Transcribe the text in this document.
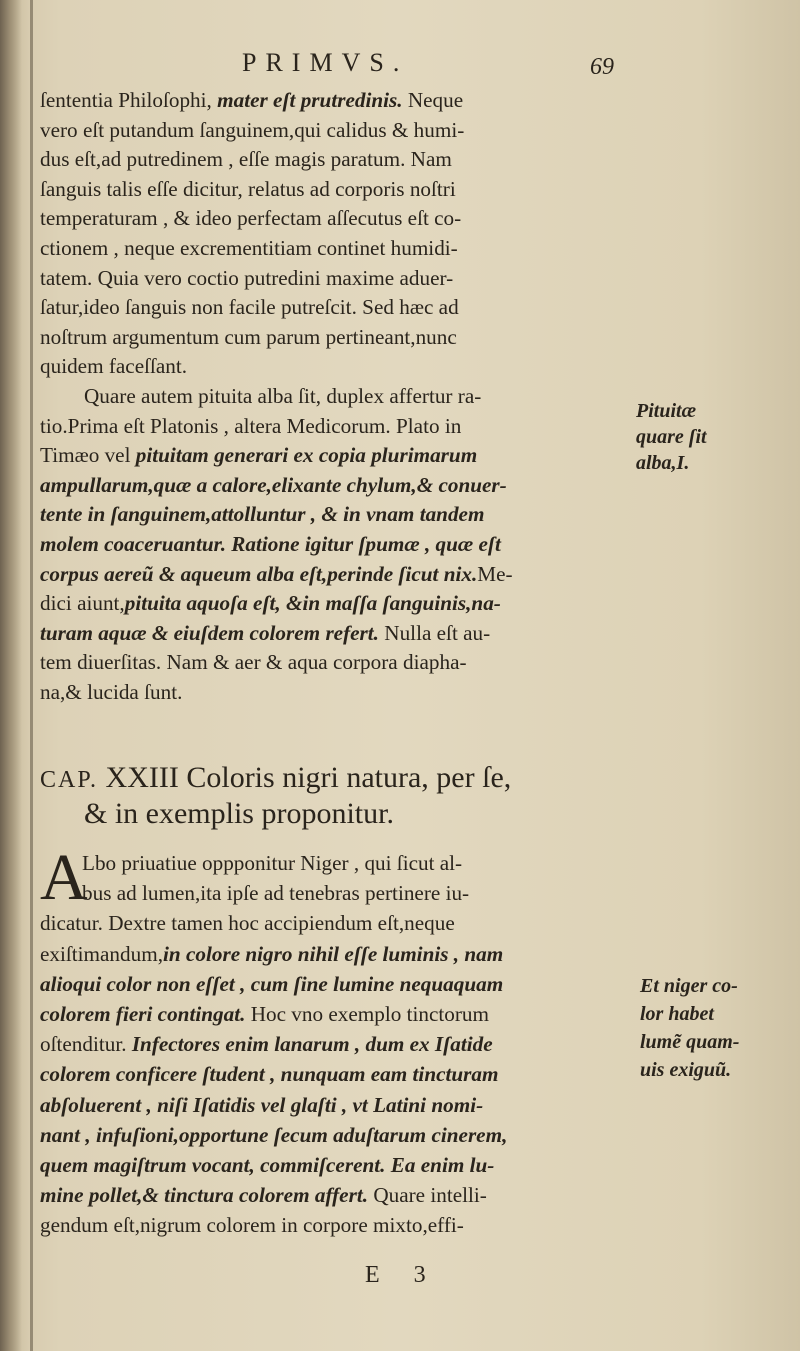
PRIMVS.	69
ſententia Philoſophi, mater eſt prutredinis. Neque
vero eſt putandum ſanguinem,qui calidus & humi-
dus eſt,ad putredinem , eſſe magis paratum. Nam
ſanguis talis eſſe dicitur, relatus ad corporis noſtri
temperaturam , & ideo perfectam aſſecutus eſt co-
ctionem , neque excrementitiam continet humidi-
tatem. Quia vero coctio putredini maxime aduer-
ſatur,ideo ſanguis non facile putreſcit. Sed hæc ad
noſtrum argumentum cum parum pertineant,nunc
quidem faceſſant.
Quare autem pituita alba ſit, duplex affertur ra-
tio.Prima eſt Platonis , altera Medicorum. Plato in
Timæo vel pituitam generari ex copia plurimarum
ampullarum,quæ a calore,elixante chylum,& conuer-
tente in ſanguinem,attolluntur , & in vnam tandem
molem coaceruantur. Ratione igitur ſpumæ , quæ eſt
corpus aereũ & aqueum alba eſt,perinde ſicut nix.Me-
dici aiunt,pituita aquoſa eſt, &in maſſa ſanguinis,na-
turam aquæ & eiuſdem colorem refert. Nulla eſt au-
tem diuerſitas. Nam & aer & aqua corpora diapha-
na,& lucida ſunt.
CAP. XXIII Coloris nigri natura, per ſe,
& in exemplis proponitur.
A
Lbo priuatiue oppponitur Niger , qui ſicut al-
bus ad lumen,ita ipſe ad tenebras pertinere iu-
dicatur. Dextre tamen hoc accipiendum eſt,neque
exiſtimandum,in colore nigro nihil eſſe luminis , nam
alioqui color non eſſet , cum ſine lumine nequaquam
colorem fieri contingat. Hoc vno exemplo tinctorum
oſtenditur. Infectores enim lanarum , dum ex Iſatide
colorem conficere ſtudent , nunquam eam tincturam
abſoluerent , niſi Iſatidis vel glaſti , vt Latini nomi-
nant , infuſioni,opportune ſecum aduſtarum cinerem,
quem magiſtrum vocant, commiſcerent. Ea enim lu-
mine pollet,& tinctura colorem affert. Quare intelli-
gendum eſt,nigrum colorem in corpore mixto,effi-
Pituitæ
quare ſit
alba,I.
Et niger co-
lor habet
lumẽ quam-
uis exiguũ.
E 3
